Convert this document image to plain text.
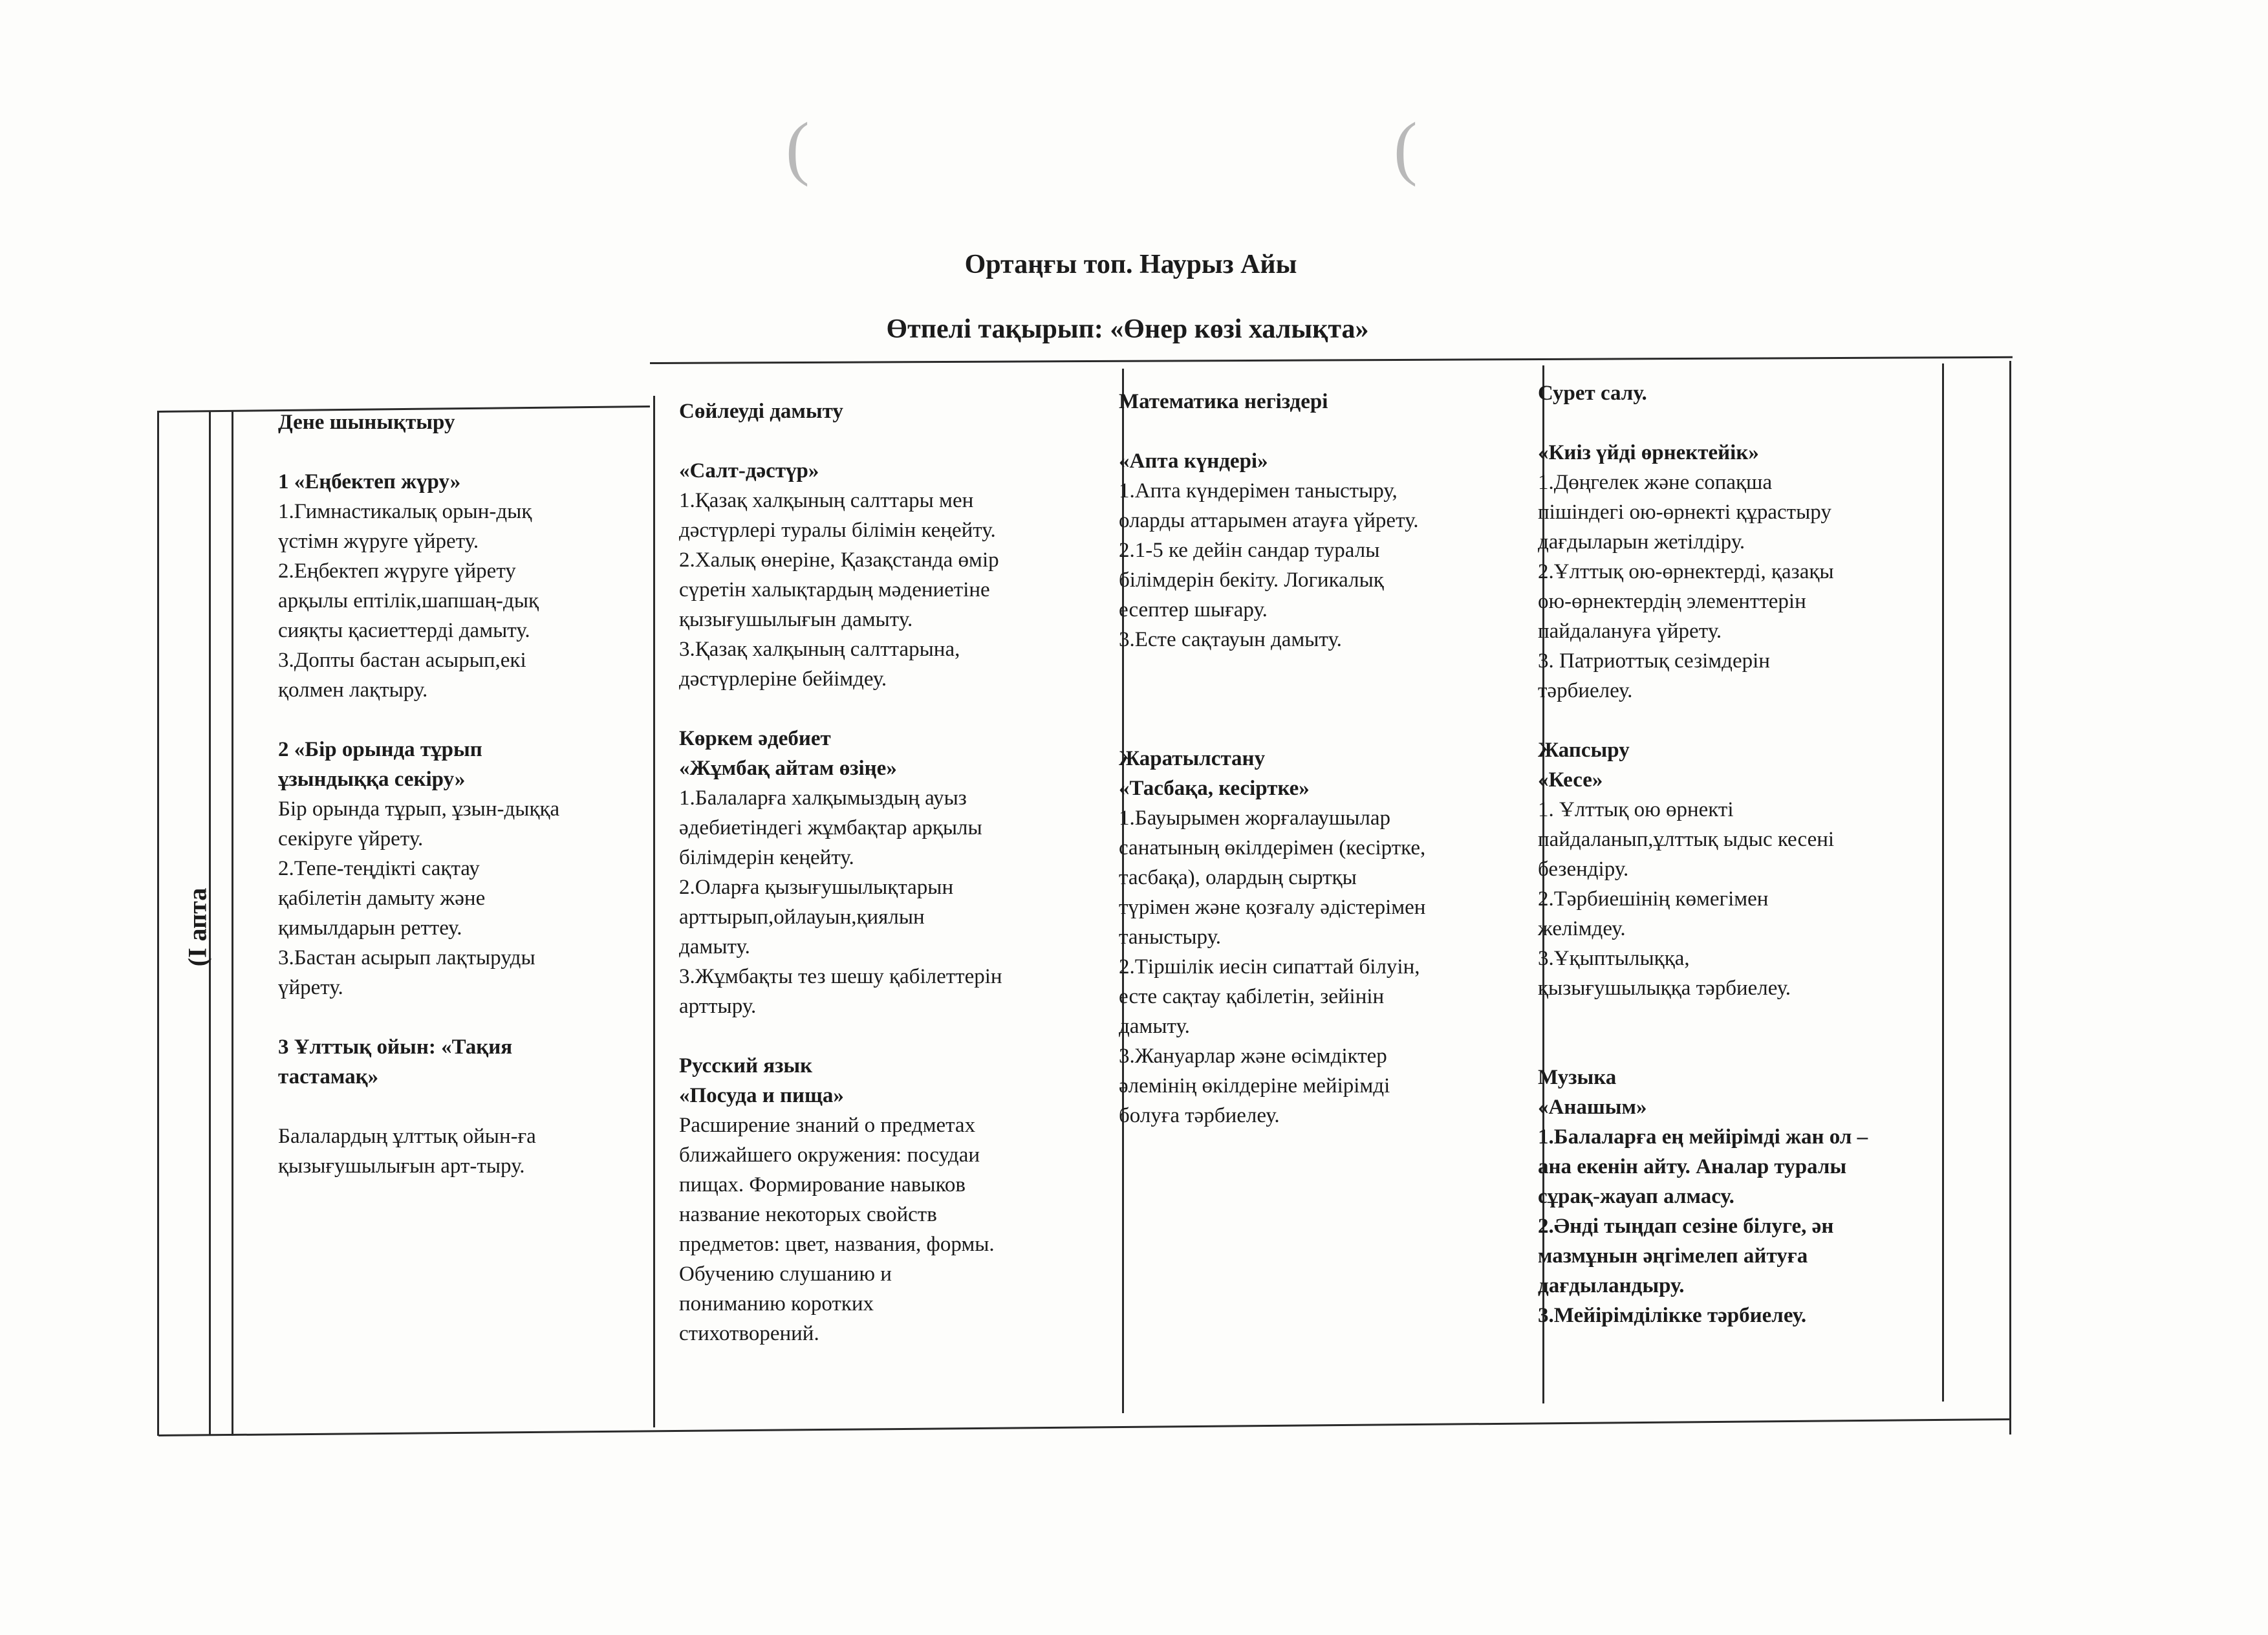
(	(
Ортаңғы топ. Наурыз Айы
Өтпелі тақырып: «Өнер көзі халықта»
(I апта

Дене шынықтыру

1 «Еңбектеп жүру»

1.Гимнастикалық орын-дық

үстімн жүруге үйрету.

2.Еңбектеп жүруге үйрету

арқылы ептілік,шапшаң-дық

сияқты қасиеттерді дамыту.

3.Допты бастан асырып,екі

қолмен лақтыру.

2 «Бір орында тұрып

ұзындыққа секіру»

Бір орында тұрып, ұзын-дыққа

секіруге үйрету.

2.Тепе-теңдікті сақтау

қабілетін дамыту және

қимылдарын реттеу.

3.Бастан асырып лақтыруды

үйрету.

3 Ұлттық ойын: «Тақия

тастамақ»

Балалардың ұлттық ойын-ға

қызығушылығын арт-тыру.

Сөйлеуді дамыту

«Салт-дәстүр»

1.Қазақ халқының салттары мен

дәстүрлері туралы білімін кеңейту.

2.Халық өнеріне, Қазақстанда өмір

сүретін халықтардың мәдениетіне

қызығушылығын дамыту.

3.Қазақ халқының салттарына,

дәстүрлеріне бейімдеу.

Көркем әдебиет

«Жұмбақ айтам өзіңе»

1.Балаларға халқымыздың ауыз

әдебиетіндегі жұмбақтар арқылы

білімдерін кеңейту.

2.Оларға қызығушылықтарын

арттырып,ойлауын,қиялын

дамыту.

3.Жұмбақты тез шешу қабілеттерін

арттыру.

Русский язык

«Посуда и пища»

Расширение знаний о предметах

ближайшего окружения: посудаи

пищах. Формирование навыков

название некоторых свойств

предметов: цвет, названия, формы.

Обучению слушанию и

пониманию коротких

стихотворений.

Математика негіздері

«Апта күндері»

1.Апта күндерімен таныстыру,

оларды аттарымен атауға үйрету.

2.1-5 ке дейін сандар туралы

білімдерін бекіту. Логикалық

есептер шығару.

3.Есте сақтауын дамыту.

Жаратылстану

«Тасбақа, кесіртке»

1.Бауырымен жорғалаушылар

санатының өкілдерімен (кесіртке,

тасбақа), олардың сыртқы

түрімен және қозғалу әдістерімен

таныстыру.

2.Тіршілік иесін сипаттай білуін,

есте сақтау қабілетін, зейінін

дамыту.

3.Жануарлар және өсімдіктер

әлемінің өкілдеріне мейірімді

болуға тәрбиелеу.

Сурет салу.

«Киіз үйді өрнектейік»

1.Дөңгелек және сопақша

пішіндегі ою-өрнекті құрастыру

дағдыларын жетілдіру.

2.Ұлттық ою-өрнектерді, қазақы

ою-өрнектердің элементтерін

пайдалануға үйрету.

3. Патриоттық сезімдерін

тәрбиелеу.

Жапсыру

«Кесе»

1. Ұлттық ою өрнекті

пайдаланып,ұлттық ыдыс кесені

безендіру.

2.Тәрбиешінің көмегімен

желімдеу.

3.Ұқыптылыққа,

қызығушылыққа тәрбиелеу.

Музыка

«Анашым»

1.Балаларға ең мейірімді жан ол –

ана екенін айту. Аналар туралы

сұрақ-жауап алмасу.

2.Әнді тыңдап сезіне білуге, ән

мазмұнын әңгімелеп айтуға

дағдыландыру.

3.Мейірімділікке тәрбиелеу.
